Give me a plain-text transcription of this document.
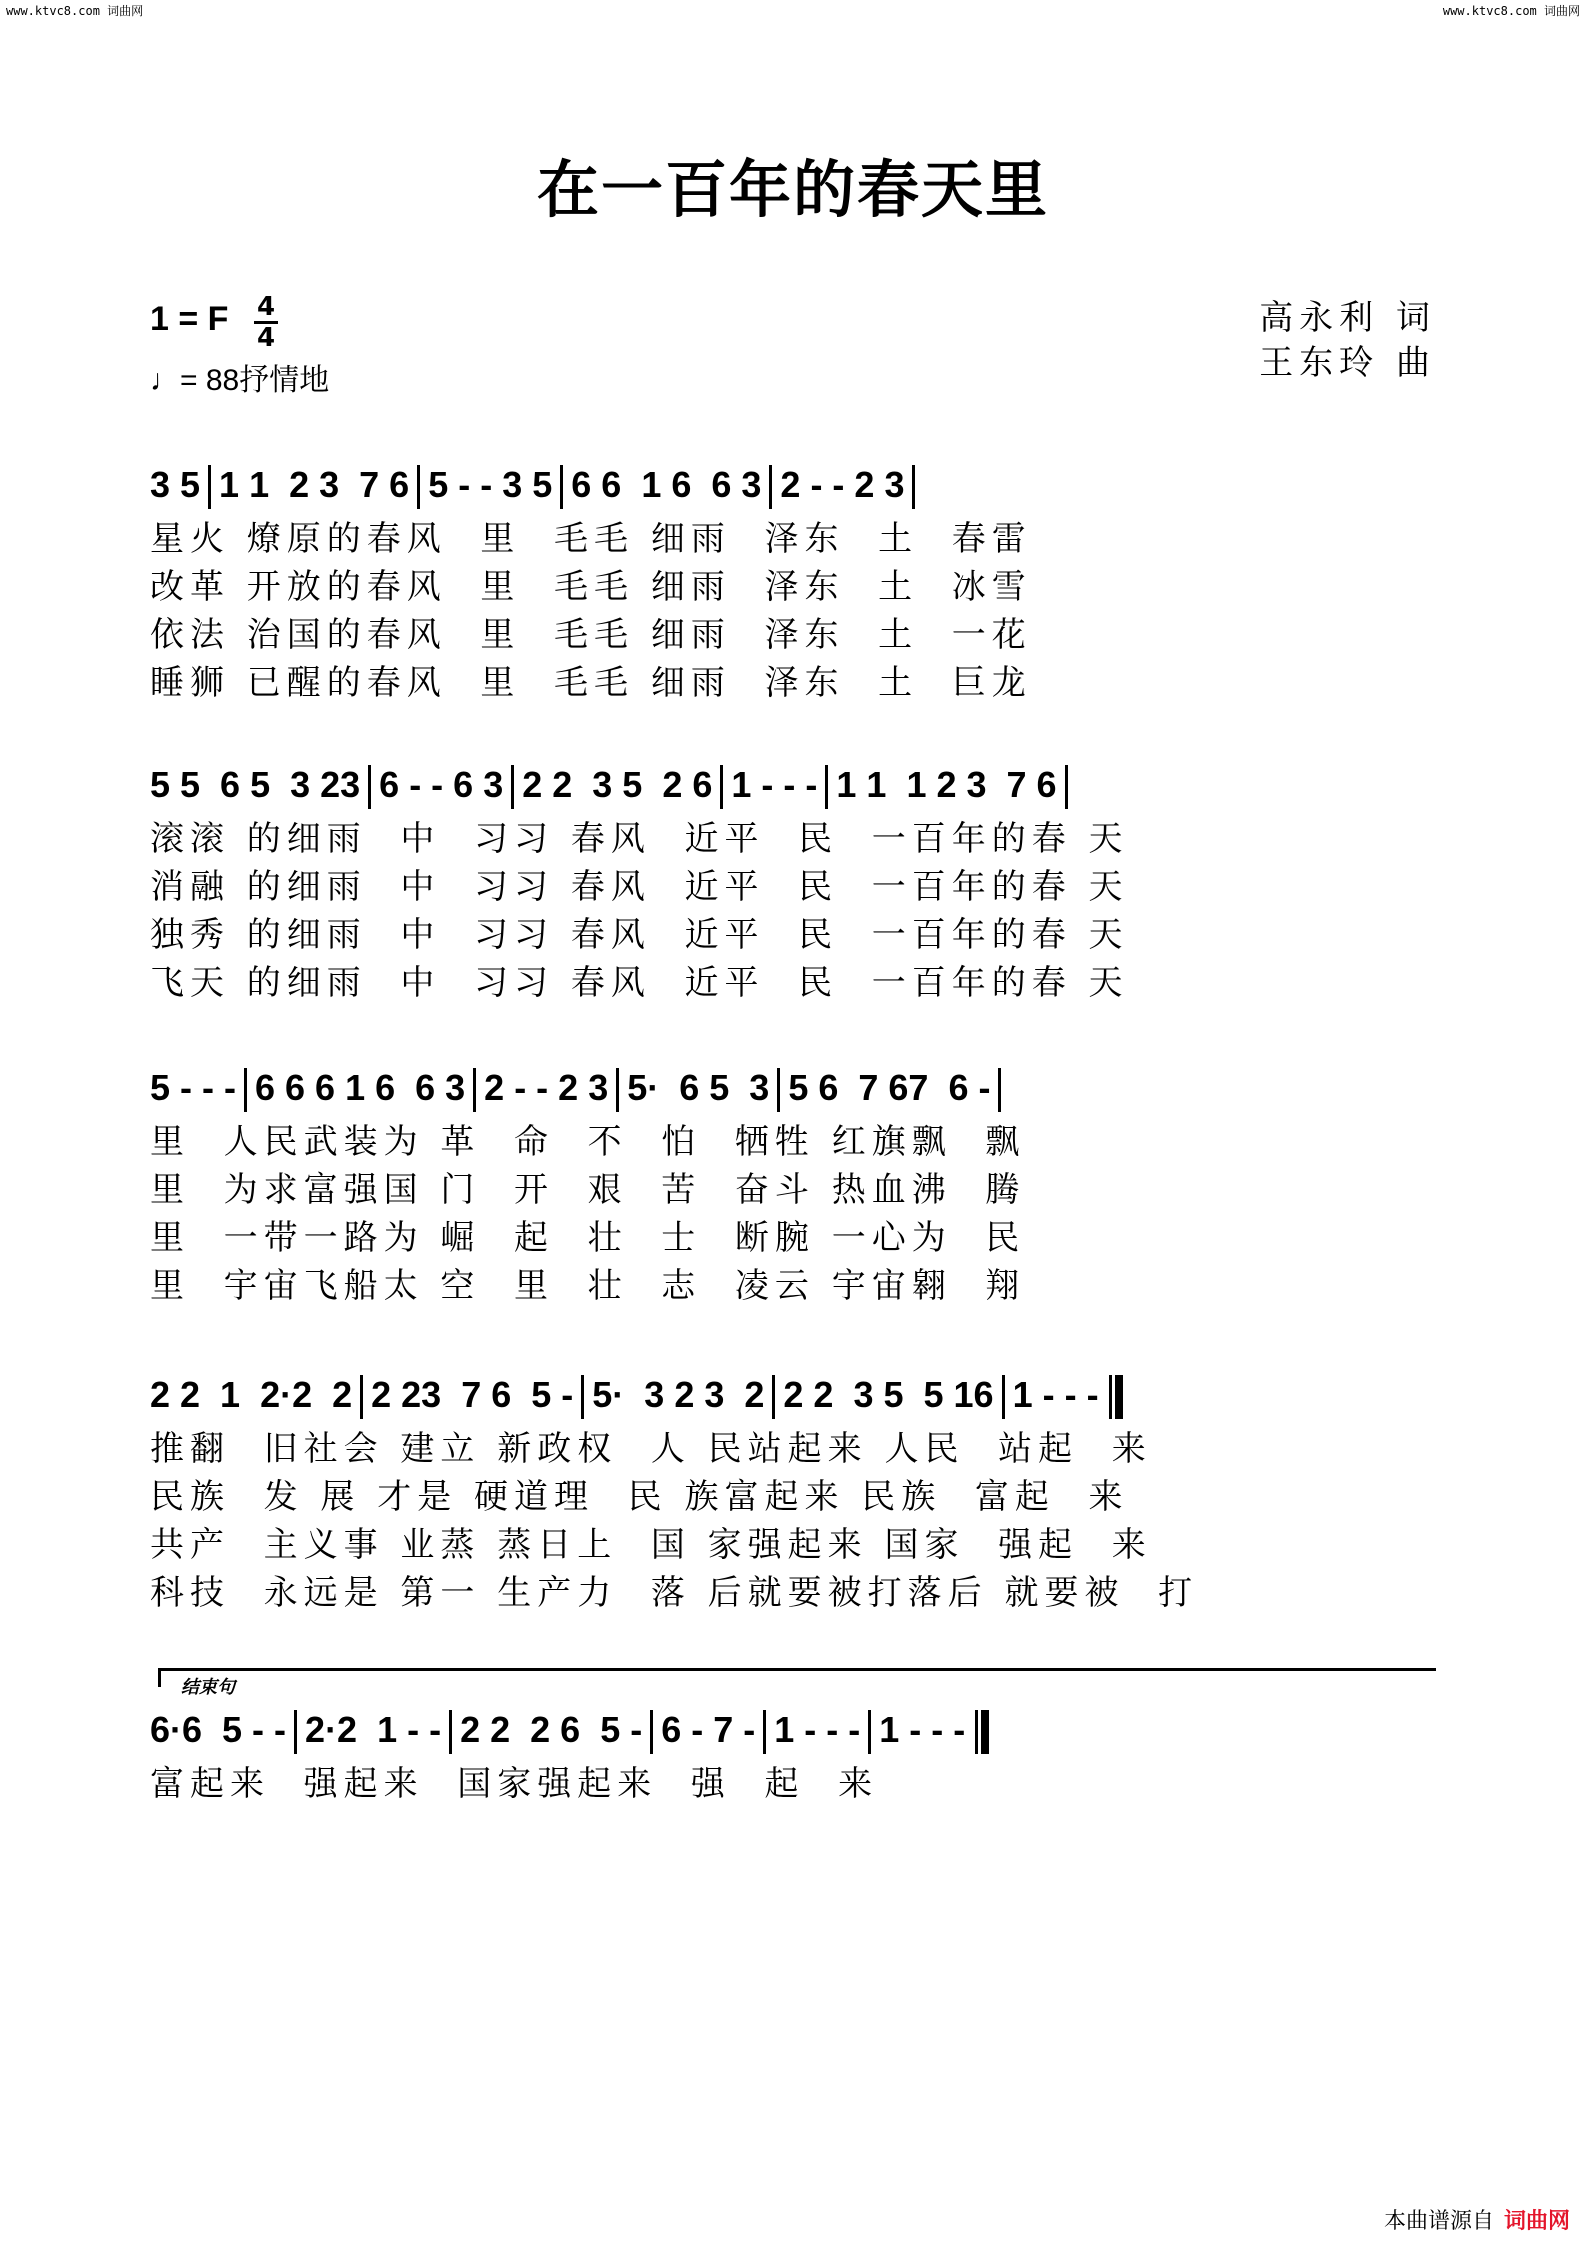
www.ktvc8.com 词曲网	www.ktvc8.com 词曲网
在一百年的春天里
1 = F 4
4
♩= 88抒情地
高永利 词
王东玲 曲
3 5 1 1  2 3  7 6 5 - - 3 5 6 6  1 6  6 3 2 - - 2 3
星火 燎原的春风  里  毛毛 细雨  泽东  土  春雷
改革 开放的春风  里  毛毛 细雨  泽东  土  冰雪
依法 治国的春风  里  毛毛 细雨  泽东  土  一花
睡狮 已醒的春风  里  毛毛 细雨  泽东  土  巨龙
5 5  6 5  3 23 6 - - 6 3 2 2  3 5  2 6 1 - - - 1 1  1 2 3  7 6
滚滚 的细雨  中  习习 春风  近平  民  一百年的春 天
消融 的细雨  中  习习 春风  近平  民  一百年的春 天
独秀 的细雨  中  习习 春风  近平  民  一百年的春 天
飞天 的细雨  中  习习 春风  近平  民  一百年的春 天
5 - - - 6 6 6 1 6  6 3 2 - - 2 3 5·  6 5  3 5 6  7 67  6 -
里  人民武装为 革  命  不  怕  牺牲 红旗飘  飘
里  为求富强国 门  开  艰  苦  奋斗 热血沸  腾
里  一带一路为 崛  起  壮  士  断腕 一心为  民
里  宇宙飞船太 空  里  壮  志  凌云 宇宙翱  翔
2 2  1  2·2  2 2 23  7 6  5 - 5·  3 2 3  2 2 2  3 5  5 16 1 - - -
推翻  旧社会 建立 新政权  人 民站起来 人民  站起  来
民族  发 展 才是 硬道理  民 族富起来 民族  富起  来
共产  主义事 业蒸 蒸日上  国 家强起来 国家  强起  来
科技  永远是 第一 生产力  落 后就要被打落后 就要被  打
结束句
6·6  5 - - 2·2  1 - - 2 2  2 6  5 - 6 - 7 - 1 - - - 1 - - -
富起来  强起来  国家强起来  强  起  来
本曲谱源自 词曲网
